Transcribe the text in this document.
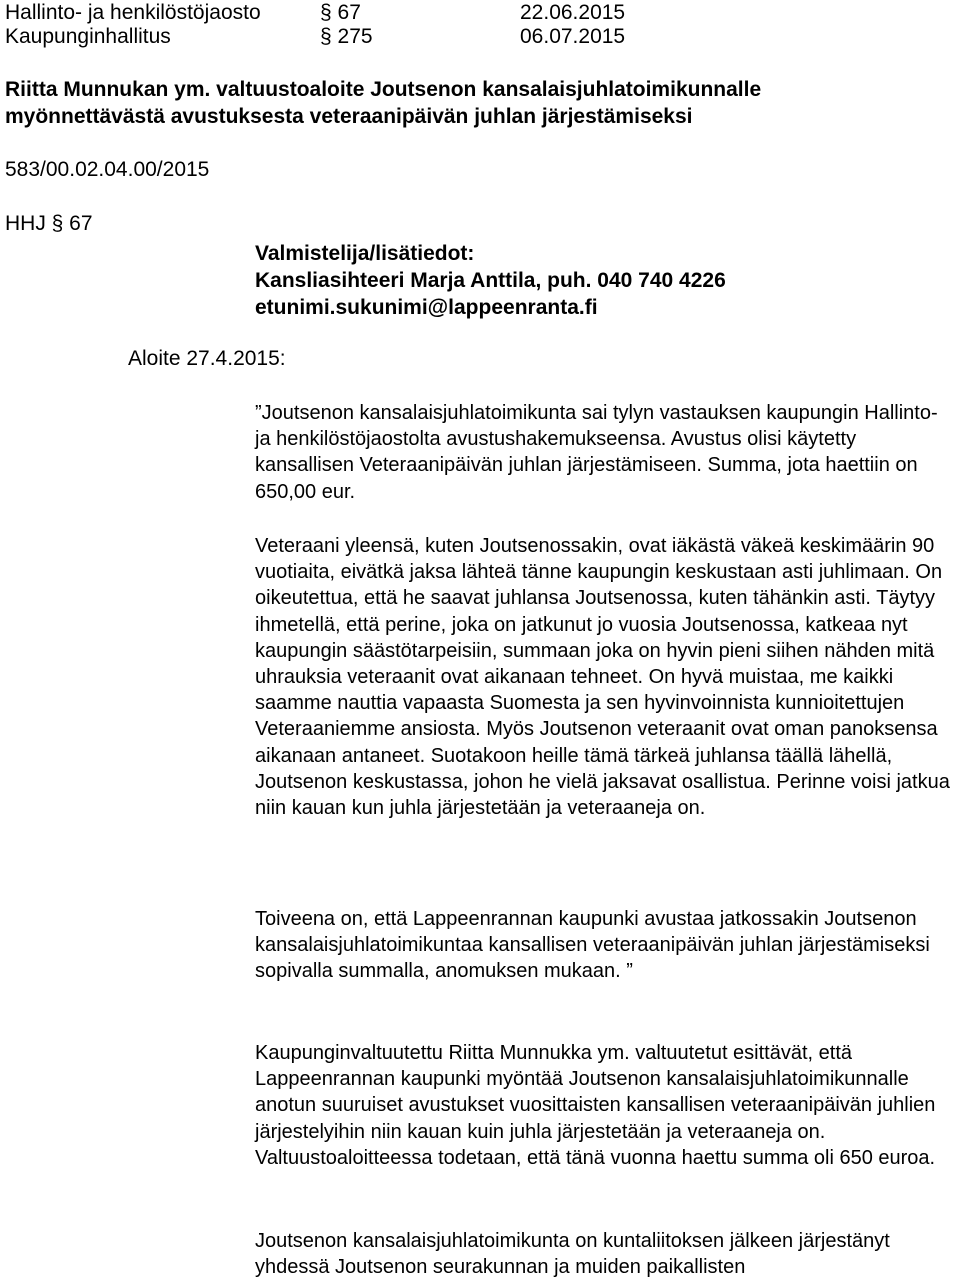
Hallinto- ja henkilöstöjaosto	§ 67	22.06.2015
Kaupunginhallitus	§ 275	06.07.2015
Riitta Munnukan ym. valtuustoaloite Joutsenon kansalaisjuhlatoimikunnalle
myönnettävästä avustuksesta veteraanipäivän juhlan järjestämiseksi
583/00.02.04.00/2015
HHJ § 67
Valmistelija/lisätiedot:
Kansliasihteeri Marja Anttila, puh. 040 740 4226
etunimi.sukunimi@lappeenranta.fi
Aloite 27.4.2015:

”Joutsenon kansalaisjuhlatoimikunta sai tylyn vastauksen kaupungin Hallinto- ja henkilöstöjaostolta avustushakemukseensa. Avustus olisi käytetty kansallisen Veteraanipäivän juhlan järjestämiseen. Summa, jota haettiin on 650,00 eur.

Veteraani yleensä, kuten Joutsenossakin, ovat iäkästä väkeä keskimäärin 90 vuotiaita, eivätkä jaksa lähteä tänne kaupungin keskustaan asti juhlimaan. On oikeutettua, että he saavat juhlansa Joutsenossa, kuten tähänkin asti. Täytyy ihmetellä, että perine, joka on jatkunut jo vuosia Joutsenossa, katkeaa nyt kaupungin säästötarpeisiin, summaan joka on hyvin pieni siihen nähden mitä uhrauksia veteraanit ovat aikanaan tehneet. On hyvä muistaa, me kaikki saamme nauttia vapaasta Suomesta ja sen hyvinvoinnista kunnioitettujen Veteraaniemme ansiosta. Myös Joutsenon veteraanit ovat oman panoksensa aikanaan antaneet. Suotakoon heille tämä tärkeä juhlansa täällä lähellä, Joutsenon keskustassa, johon he vielä jaksavat osallistua. Perinne voisi jatkua niin kauan kun juhla järjestetään ja veteraaneja on.

Toiveena on, että Lappeenrannan kaupunki avustaa jatkossakin Joutsenon kansalaisjuhlatoimikuntaa kansallisen veteraanipäivän juhlan järjestämiseksi sopivalla summalla, anomuksen mukaan. ”

Kaupunginvaltuutettu Riitta Munnukka ym. valtuutetut esittävät, että Lappeenrannan kaupunki myöntää Joutsenon kansalaisjuhlatoimikunnalle anotun suuruiset avustukset vuosittaisten kansallisen veteraanipäivän juhlien järjestelyihin niin kauan kuin juhla järjestetään ja veteraaneja on. Valtuustoaloitteessa todetaan, että tänä vuonna haettu summa oli 650 euroa.

Joutsenon kansalaisjuhlatoimikunta on kuntaliitoksen jälkeen järjestänyt yhdessä Joutsenon seurakunnan ja muiden paikallisten
